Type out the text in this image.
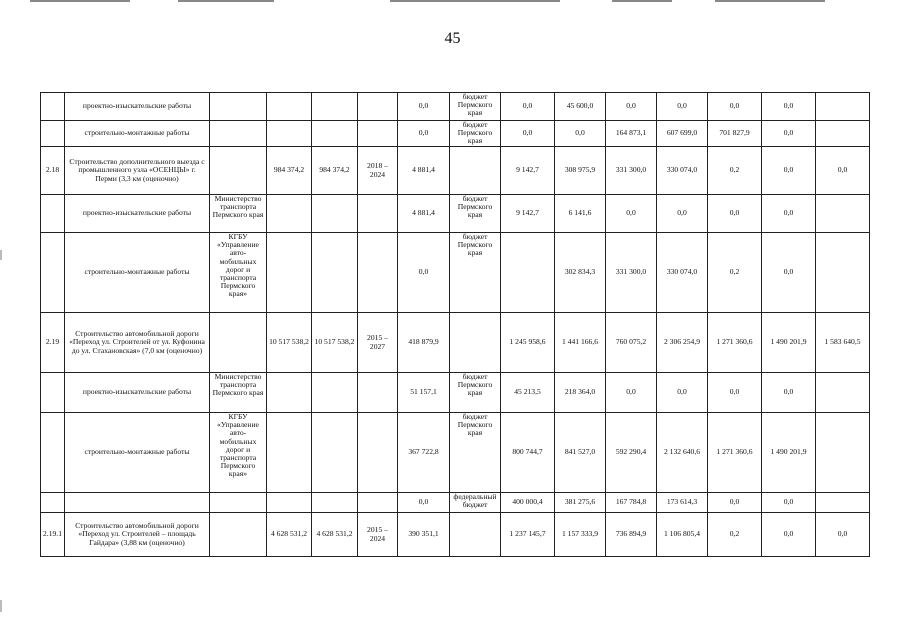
45
	проектно-изыскательские работы					0,0	бюджет Пермского края	0,0	45 600,0	0,0	0,0	0,0	0,0	
	строительно-монтажные работы					0,0	бюджет Пермского края	0,0	0,0	164 873,1	607 699,0	701 827,9	0,0	
2.18	Строительство дополнительного выезда с промышленного узла «ОСЕНЦЫ» г. Перми (3,3 км (оценочно)		984 374,2	984 374,2	2018 – 2024	4 881,4		9 142,7	308 975,9	331 300,0	330 074,0	0,2	0,0	0,0
	проектно-изыскательские работы	Министерство транспорта Пермского края				4 881,4	бюджет Пермского края	9 142,7	6 141,6	0,0	0,0	0,0	0,0	
	строительно-монтажные работы	КГБУ «Управление авто-мобильных дорог и транспорта Пермского края»				0,0	бюджет Пермского края		302 834,3	331 300,0	330 074,0	0,2	0,0	
2.19	Строительство автомобильной дороги «Переход ул. Строителей от ул. Куфонина до ул. Стахановская» (7,0 км (оценочно)		10 517 538,2	10 517 538,2	2015 – 2027	418 879,9		1 245 958,6	1 441 166,6	760 075,2	2 306 254,9	1 271 360,6	1 490 201,9	1 583 640,5
	проектно-изыскательские работы	Министерство транспорта Пермского края				51 157,1	бюджет Пермского края	45 213,5	218 364,0	0,0	0,0	0,0	0,0	
	строительно-монтажные работы	КГБУ «Управление авто-мобильных дорог и транспорта Пермского края»				367 722,8	бюджет Пермского края	800 744,7	841 527,0	592 290,4	2 132 640,6	1 271 360,6	1 490 201,9	
						0,0	федеральный бюджет	400 000,4	381 275,6	167 784,8	173 614,3	0,0	0,0	
2.19.1	Строительство автомобильной дороги «Переход ул. Строителей – площадь Гайдара» (3,88 км (оценочно)		4 628 531,2	4 628 531,2	2015 – 2024	390 351,1		1 237 145,7	1 157 333,9	736 894,9	1 106 805,4	0,2	0,0	0,0
